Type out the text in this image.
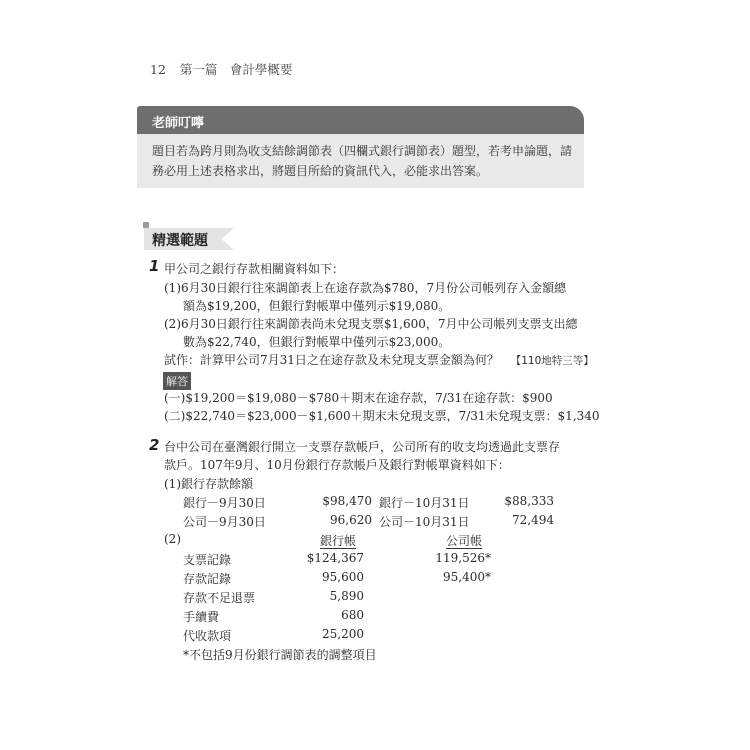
12 第一篇　會計學概要
老師叮嚀
題目若為跨月則為收支結餘調節表（四欄式銀行調節表）題型，若考申論題，請
務必用上述表格求出，將題目所給的資訊代入，必能求出答案。
精選範題
1 甲公司之銀行存款相關資料如下：
(1)6月30日銀行往來調節表上在途存款為$780，7月份公司帳列存入金額總
額為$19,200，但銀行對帳單中僅列示$19,080。
(2)6月30日銀行往來調節表尚未兌現支票$1,600，7月中公司帳列支票支出總
數為$22,740，但銀行對帳單中僅列示$23,000。
試作：計算甲公司7月31日之在途存款及未兌現支票金額為何？ 【110地特三等】
解答
(一)$19,200＝$19,080－$780＋期末在途存款，7/31在途存款：$900
(二)$22,740＝$23,000－$1,600＋期末未兌現支票，7/31未兌現支票：$1,340
2 台中公司在臺灣銀行開立一支票存款帳戶，公司所有的收支均透過此支票存
款戶。107年9月、10月份銀行存款帳戶及銀行對帳單資料如下：
(1)銀行存款餘額
銀行－9月30日	$98,470 銀行－10月31日	$88,333
公司－9月30日	96,620 公司－10月31日	72,494
(2)	銀行帳	公司帳
支票記錄	$124,367	119,526*
存款記錄	95,600	95,400*
存款不足退票	5,890
手續費	680
代收款項	25,200
*不包括9月份銀行調節表的調整項目
